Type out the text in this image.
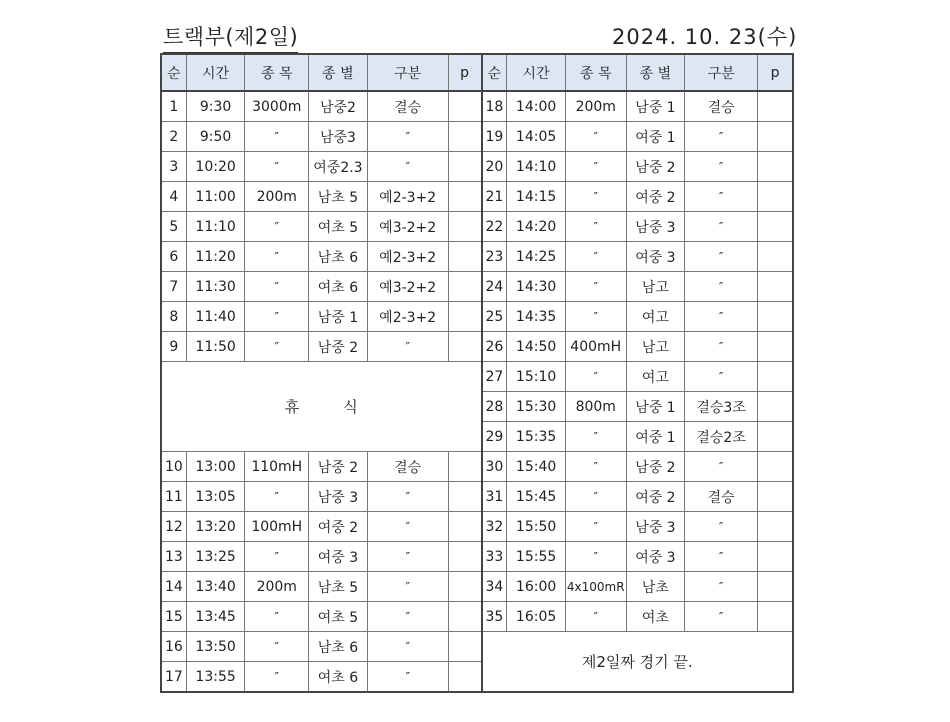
트랙부(제2일)	2024. 10. 23(수)
순	시간	종 목	종 별	구분	p	순	시간	종 목	종 별	구분	p
1	9:30	3000m	남중2	결승		18	14:00	200m	남중 1	결승	
2	9:50	″	남중3	″		19	14:05	″	여중 1	″	
3	10:20	″	여중2.3	″		20	14:10	″	남중 2	″	
4	11:00	200m	남초 5	예2-3+2		21	14:15	″	여중 2	″	
5	11:10	″	여초 5	예3-2+2		22	14:20	″	남중 3	″	
6	11:20	″	남초 6	예2-3+2		23	14:25	″	여중 3	″	
7	11:30	″	여초 6	예3-2+2		24	14:30	″	남고	″	
8	11:40	″	남중 1	예2-3+2		25	14:35	″	여고	″	
9	11:50	″	남중 2	″		26	14:50	400mH	남고	″	
휴 식						27	15:10	″	여고	″	
						28	15:30	800m	남중 1	결승3조	
						29	15:35	″	여중 1	결승2조	
10	13:00	110mH	남중 2	결승		30	15:40	″	남중 2	″	
11	13:05	″	남중 3	″		31	15:45	″	여중 2	결승	
12	13:20	100mH	여중 2	″		32	15:50	″	남중 3	″	
13	13:25	″	여중 3	″		33	15:55	″	여중 3	″	
14	13:40	200m	남초 5	″		34	16:00	4x100mR	남초	″	
15	13:45	″	여초 5	″		35	16:05	″	여초	″	
16	13:50	″	남초 6	″		제2일짜 경기 끝.					
17	13:55	″	여초 6	″							
